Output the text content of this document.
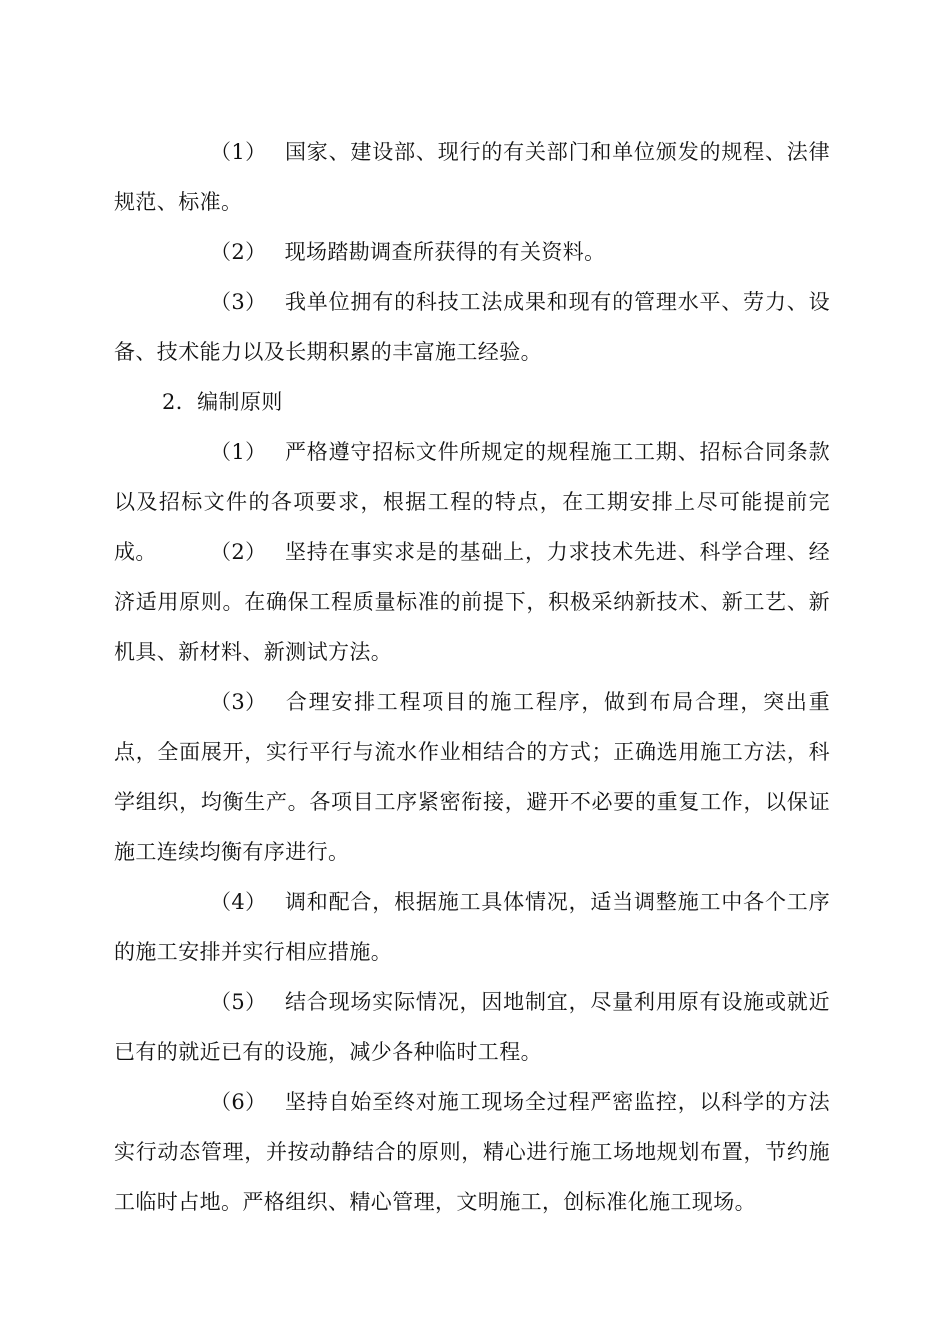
（1） 国家、建设部、现行的有关部门和单位颁发的规程、法律规范、标准。

（2） 现场踏勘调查所获得的有关资料。

（3） 我单位拥有的科技工法成果和现有的管理水平、劳力、设备、技术能力以及长期积累的丰富施工经验。

2．编制原则

（1） 严格遵守招标文件所规定的规程施工工期、招标合同条款以及招标文件的各项要求，根据工程的特点，在工期安排上尽可能提前完成。	（2） 坚持在事实求是的基础上，力求技术先进、科学合理、经济适用原则。在确保工程质量标准的前提下，积极采纳新技术、新工艺、新机具、新材料、新测试方法。

（3） 合理安排工程项目的施工程序，做到布局合理，突出重点，全面展开，实行平行与流水作业相结合的方式；正确选用施工方法，科学组织，均衡生产。各项目工序紧密衔接，避开不必要的重复工作，以保证施工连续均衡有序进行。

（4） 调和配合，根据施工具体情况，适当调整施工中各个工序的施工安排并实行相应措施。

（5） 结合现场实际情况，因地制宜，尽量利用原有设施或就近已有的就近已有的设施，减少各种临时工程。

（6） 坚持自始至终对施工现场全过程严密监控，以科学的方法实行动态管理，并按动静结合的原则，精心进行施工场地规划布置，节约施工临时占地。严格组织、精心管理，文明施工，创标准化施工现场。
